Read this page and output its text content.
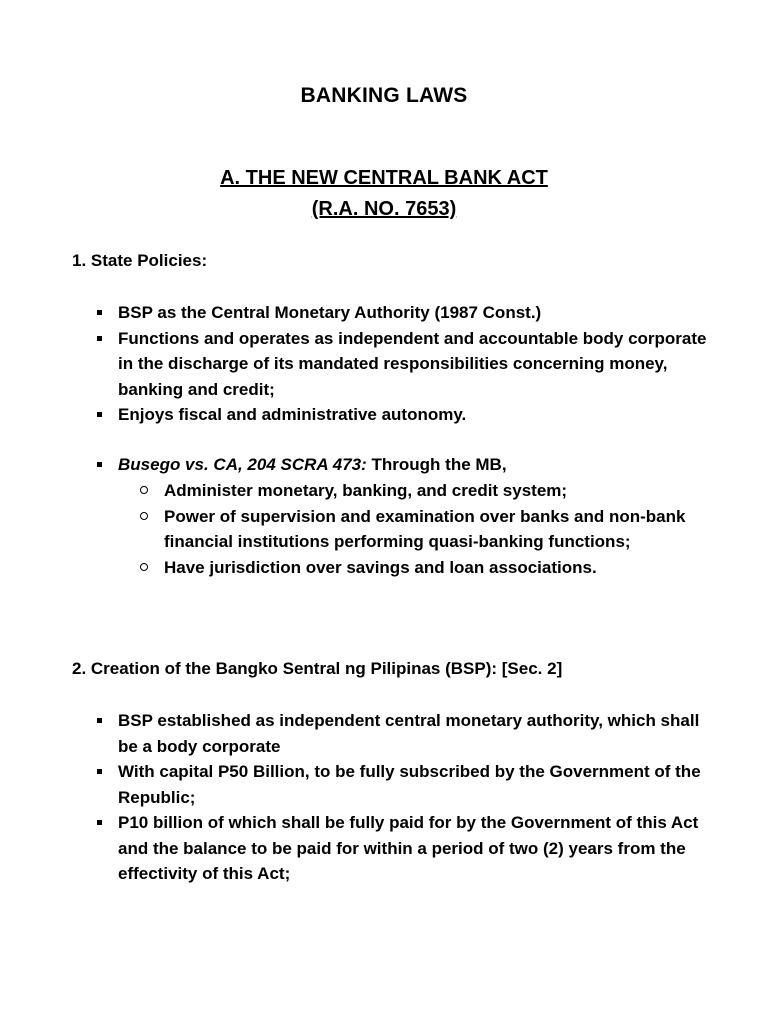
BANKING LAWS
A. THE NEW CENTRAL BANK ACT
(R.A. NO. 7653)
1. State Policies:
BSP as the Central Monetary Authority (1987 Const.)
Functions and operates as independent and accountable body corporate in the discharge of its mandated responsibilities concerning money, banking and credit;
Enjoys fiscal and administrative autonomy.
Busego vs. CA, 204 SCRA 473: Through the MB,
Administer monetary, banking, and credit system;
Power of supervision and examination over banks and non-bank financial institutions performing quasi-banking functions;
Have jurisdiction over savings and loan associations.
2. Creation of the Bangko Sentral ng Pilipinas (BSP): [Sec. 2]
BSP established as independent central monetary authority, which shall be a body corporate
With capital P50 Billion, to be fully subscribed by the Government of the Republic;
P10 billion of which shall be fully paid for by the Government of this Act and the balance to be paid for within a period of two (2) years from the effectivity of this Act;
